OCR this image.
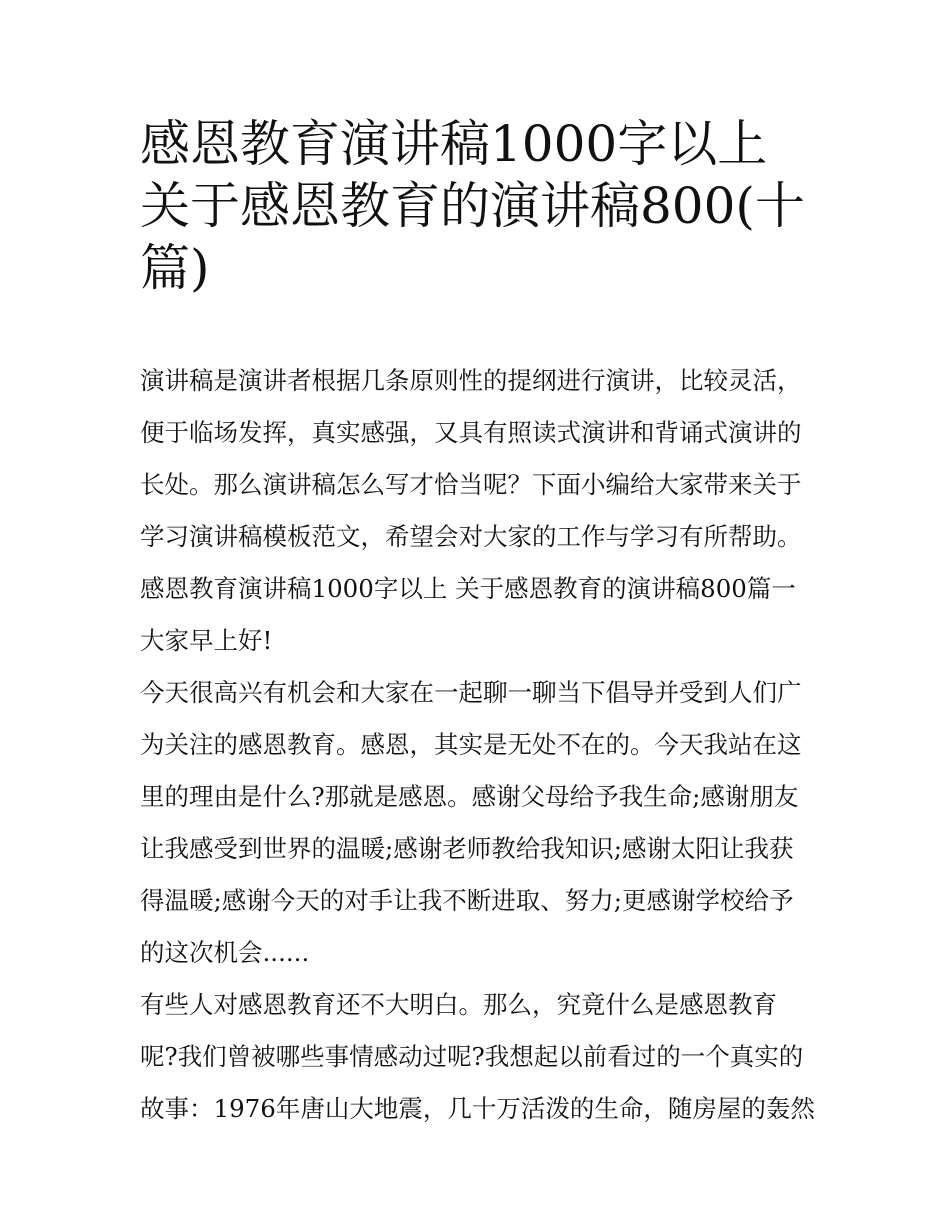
感恩教育演讲稿1000字以上
关于感恩教育的演讲稿800(十
篇)
演讲稿是演讲者根据几条原则性的提纲进行演讲，比较灵活，
便于临场发挥，真实感强，又具有照读式演讲和背诵式演讲的
长处。那么演讲稿怎么写才恰当呢？下面小编给大家带来关于
学习演讲稿模板范文，希望会对大家的工作与学习有所帮助。
感恩教育演讲稿1000字以上 关于感恩教育的演讲稿800篇一
大家早上好!
今天很高兴有机会和大家在一起聊一聊当下倡导并受到人们广
为关注的感恩教育。感恩，其实是无处不在的。今天我站在这
里的理由是什么?那就是感恩。感谢父母给予我生命;感谢朋友
让我感受到世界的温暖;感谢老师教给我知识;感谢太阳让我获
得温暖;感谢今天的对手让我不断进取、努力;更感谢学校给予
的这次机会......
有些人对感恩教育还不大明白。那么，究竟什么是感恩教育
呢?我们曾被哪些事情感动过呢?我想起以前看过的一个真实的
故事：1976年唐山大地震，几十万活泼的生命，随房屋的轰然
